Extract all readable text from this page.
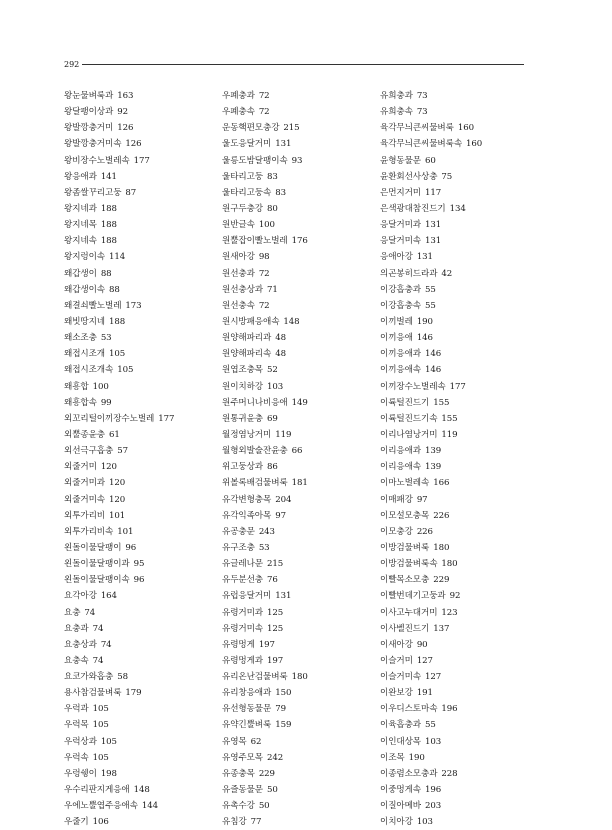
292
왕눈물벼룩과 163
왕달팽이상과 92
왕발깡충거미 126
왕발깡충거미속 126
왕비장수노벌레속 177
왕응애과 141
왕좀쌀꾸리고둥 87
왕지네과 188
왕지네목 188
왕지네속 188
왕지렁이속 114
왜갑생이 88
왜갑생이속 88
왜결쇠빨노벌레 173
왜빗땅지네 188
왜소조충 53
왜접시조개 105
왜접시조개속 105
왜흥합 100
왜흥합속 99
외꼬리털이끼장수노벌레 177
외뿔종윤충 61
외선극구흡충 57
외줄거미 120
외줄거미과 120
외줄거미속 120
외투가리비 101
외투가리비속 101
왼돌이물달팽이 96
왼돌이물달팽이과 95
왼돌이물달팽이속 96
요각아강 164
요충 74
요충과 74
요충상과 74
요충속 74
요코가와흡충 58
용사참검물벼룩 179
우럭과 105
우럭목 105
우럭상과 105
우럭속 105
우렁쉥이 198
우수리판지게응애 148
우에노뿔엽주응애속 144
우줄기 106
우폐충과 72
우폐충속 72
운동핵편모충강 215
울도응달거미 131
울릉도밤달팽이속 93
울타리고둥 83
울타리고둥속 83
원구두충강 80
원반글속 100
원뿔잡이빨노벌레 176
원새아강 98
원선충과 72
원선충상과 71
원선충속 72
원시방패응애속 148
원양해파리과 48
원양해파리속 48
원엽조충목 52
원이치하강 103
원주머니나비응애 149
원통귀윤충 69
월정염낭거미 119
월형외발술잔윤충 66
위고둥상과 86
위볼록배검물벼룩 181
유각변형충목 204
유각익족아목 97
유공충문 243
유구조충 53
유글레나문 215
유두분선충 76
유럽응달거미 131
유령거미과 125
유령거미속 125
유령멍게 197
유령멍게과 197
유리온난검물벼룩 180
유리창응애과 150
유선형동물문 79
유약긴뿔벼룩 159
유영목 62
유영주모목 242
유종충목 229
유즐동물문 50
유촉수강 50
유침강 77
유희충과 73
유희충속 73
육각무늬큰씨물벼룩 160
육각무늬큰씨물벼룩속 160
윤형동물문 60
윤환회선사상충 75
은먼지거미 117
은색광대참진드기 134
응달거미과 131
응달거미속 131
응애아강 131
의곤봉히드라과 42
이강흡충과 55
이강흡충속 55
이끼벌레 190
이끼응애 146
이끼응애과 146
이끼응애속 146
이끼장수노벌레속 177
이륙털진드기 155
이륙털진드기속 155
이리나염낭거미 119
이리응애과 139
이리응애속 139
이마노벌레속 166
이매패강 97
이모설모충목 226
이모충강 226
이방검물벼룩 180
이방검물벼룩속 180
이빨목소모충 229
이빨번데기고둥과 92
이사고누대거미 123
이사벨진드기 137
이새아강 90
이슬거미 127
이슬거미속 127
이완보강 191
이우디스토마속 196
이육흡충과 55
이인대상목 103
이조목 190
이종렴소모충과 228
이중멍게속 196
이질아메바 203
이치아강 103
